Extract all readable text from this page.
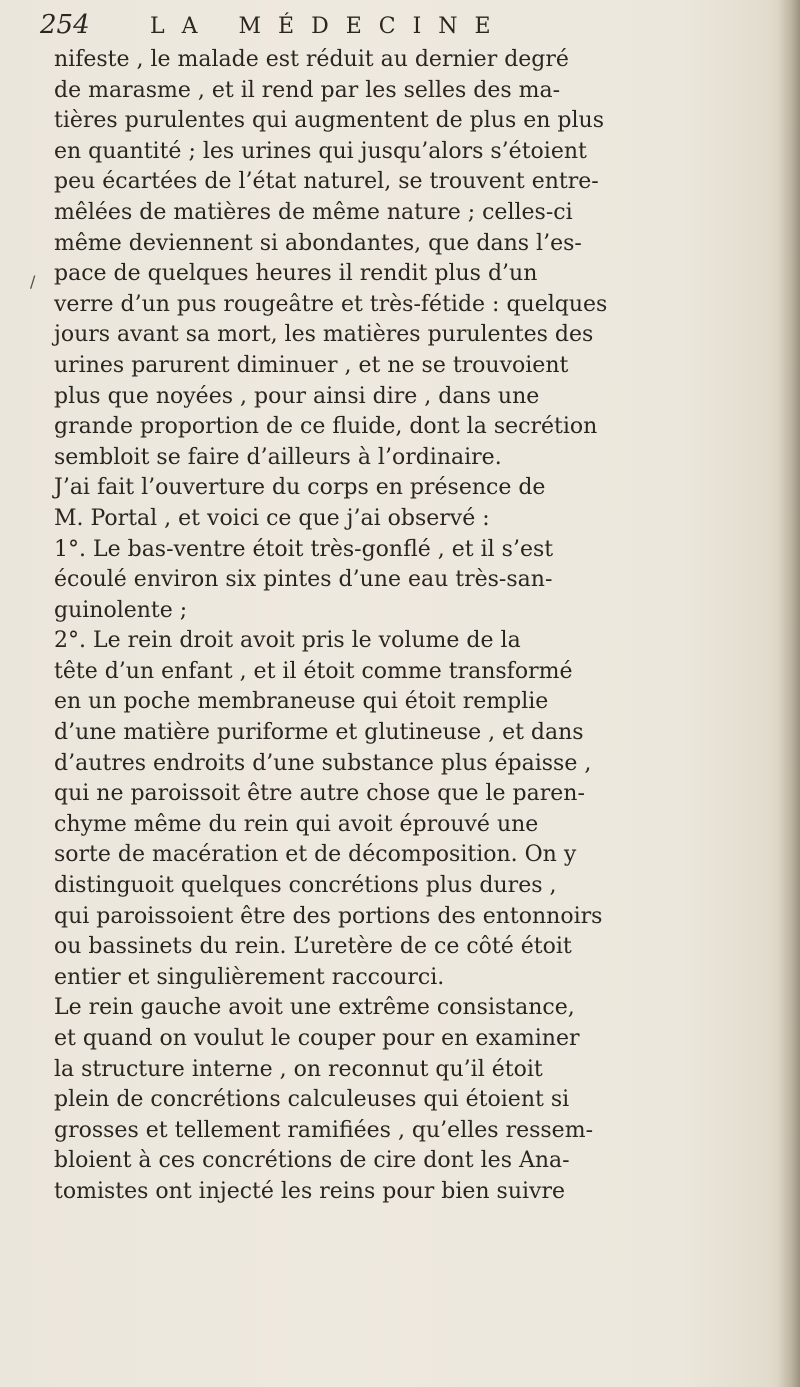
254	LA MÉDECINE
/
nifeste , le malade est réduit au dernier degré
de marasme , et il rend par les selles des ma-
tières purulentes qui augmentent de plus en plus
en quantité ; les urines qui jusqu’alors s’étoient
peu écartées de l’état naturel, se trouvent entre-
mêlées de matières de même nature ; celles-ci
même deviennent si abondantes, que dans l’es-
pace de quelques heures il rendit plus d’un
verre d’un pus rougeâtre et très-fétide : quelques
jours avant sa mort, les matières purulentes des
urines parurent diminuer , et ne se trouvoient
plus que noyées , pour ainsi dire , dans une
grande proportion de ce fluide, dont la secrétion
sembloit se faire d’ailleurs à l’ordinaire.
J’ai fait l’ouverture du corps en présence de
M. Portal , et voici ce que j’ai observé :
1°. Le bas-ventre étoit très-gonflé , et il s’est
écoulé environ six pintes d’une eau très-san-
guinolente ;
2°. Le rein droit avoit pris le volume de la
tête d’un enfant , et il étoit comme transformé
en un poche membraneuse qui étoit remplie
d’une matière puriforme et glutineuse , et dans
d’autres endroits d’une substance plus épaisse ,
qui ne paroissoit être autre chose que le paren-
chyme même du rein qui avoit éprouvé une
sorte de macération et de décomposition. On y
distinguoit quelques concrétions plus dures ,
qui paroissoient être des portions des entonnoirs
ou bassinets du rein. L’uretère de ce côté étoit
entier et singulièrement raccourci.
Le rein gauche avoit une extrême consistance,
et quand on voulut le couper pour en examiner
la structure interne , on reconnut qu’il étoit
plein de concrétions calculeuses qui étoient si
grosses et tellement ramifiées , qu’elles ressem-
bloient à ces concrétions de cire dont les Ana-
tomistes ont injecté les reins pour bien suivre
